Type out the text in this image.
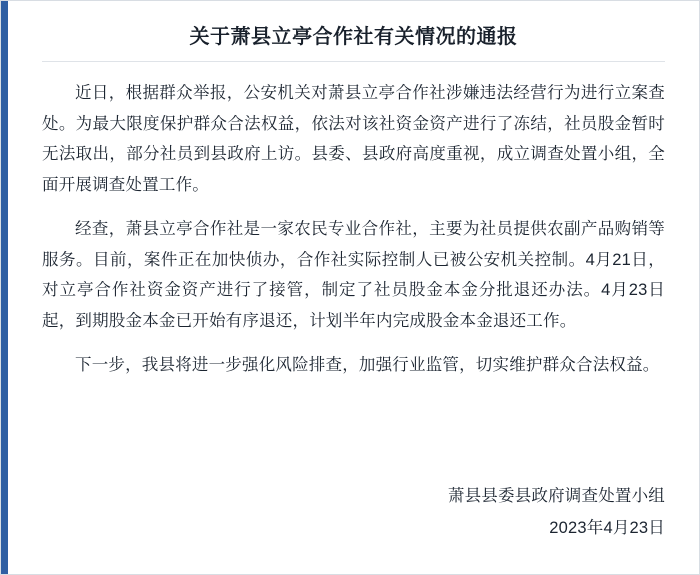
关于萧县立亭合作社有关情况的通报

近日，根据群众举报，公安机关对萧县立亭合作社涉嫌违法经营行为进行立案查处。为最大限度保护群众合法权益，依法对该社资金资产进行了冻结，社员股金暂时无法取出，部分社员到县政府上访。县委、县政府高度重视，成立调查处置小组，全面开展调查处置工作。

经查，萧县立亭合作社是一家农民专业合作社，主要为社员提供农副产品购销等服务。目前，案件正在加快侦办，合作社实际控制人已被公安机关控制。4月21日，对立亭合作社资金资产进行了接管，制定了社员股金本金分批退还办法。4月23日起，到期股金本金已开始有序退还，计划半年内完成股金本金退还工作。

下一步，我县将进一步强化风险排查，加强行业监管，切实维护群众合法权益。

萧县县委县政府调查处置小组
2023年4月23日
